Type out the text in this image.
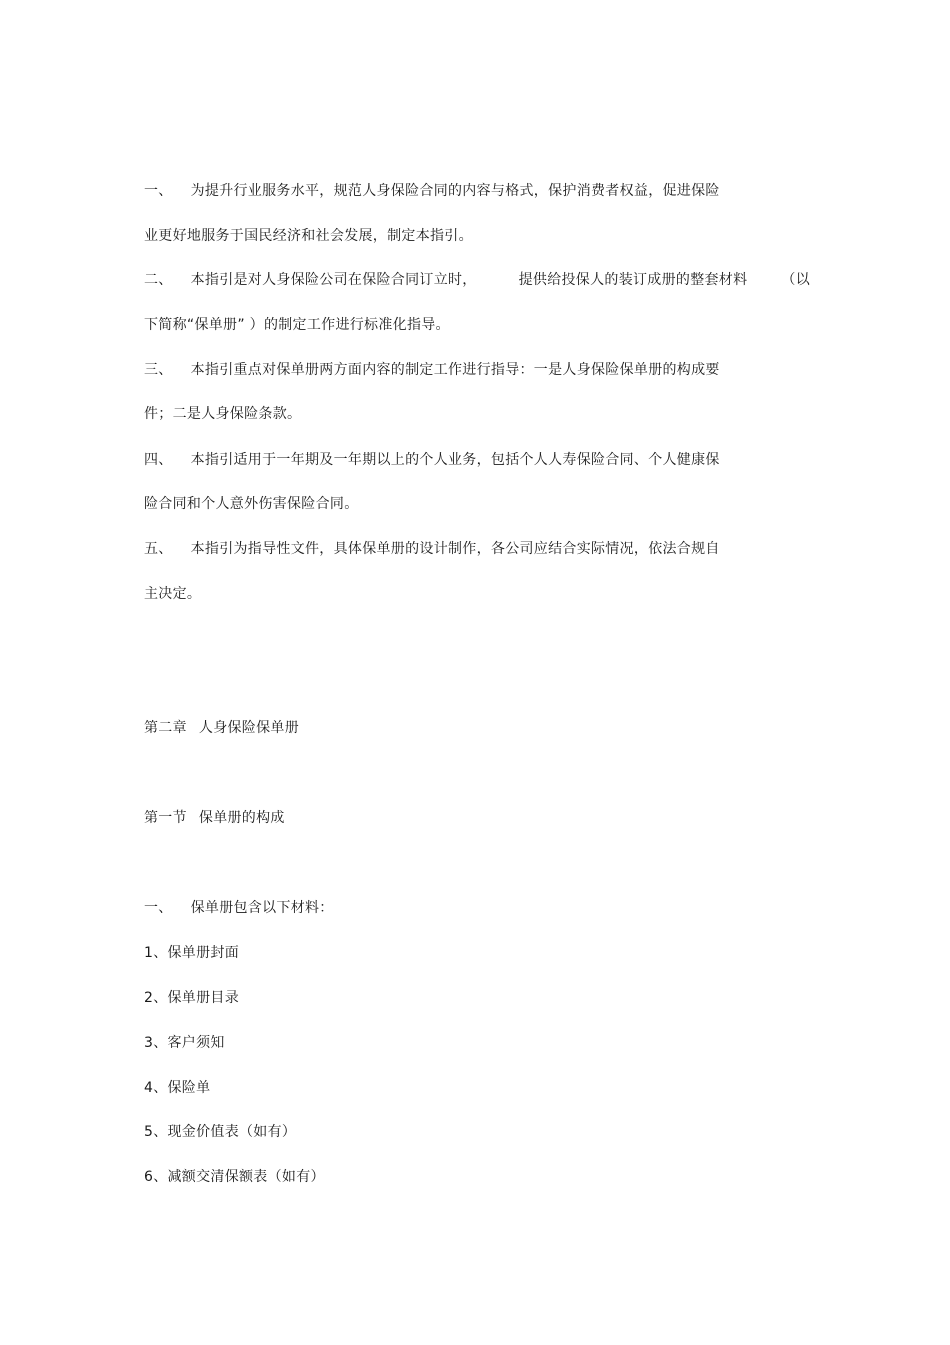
一、 为提升行业服务水平，规范人身保险合同的内容与格式，保护消费者权益，促进保险
业更好地服务于国民经济和社会发展，制定本指引。
二、 本指引是对人身保险公司在保险合同订立时，	提供给投保人的装订成册的整套材料 （以
下简称“保单册” ）的制定工作进行标准化指导。
三、 本指引重点对保单册两方面内容的制定工作进行指导：一是人身保险保单册的构成要
件；二是人身保险条款。
四、 本指引适用于一年期及一年期以上的个人业务，包括个人人寿保险合同、个人健康保
险合同和个人意外伤害保险合同。
五、 本指引为指导性文件，具体保单册的设计制作，各公司应结合实际情况，依法合规自
主决定。
第二章 人身保险保单册
第一节 保单册的构成
一、 保单册包含以下材料：
1、保单册封面
2、保单册目录
3、客户须知
4、保险单
5、现金价值表（如有）
6、减额交清保额表（如有）
